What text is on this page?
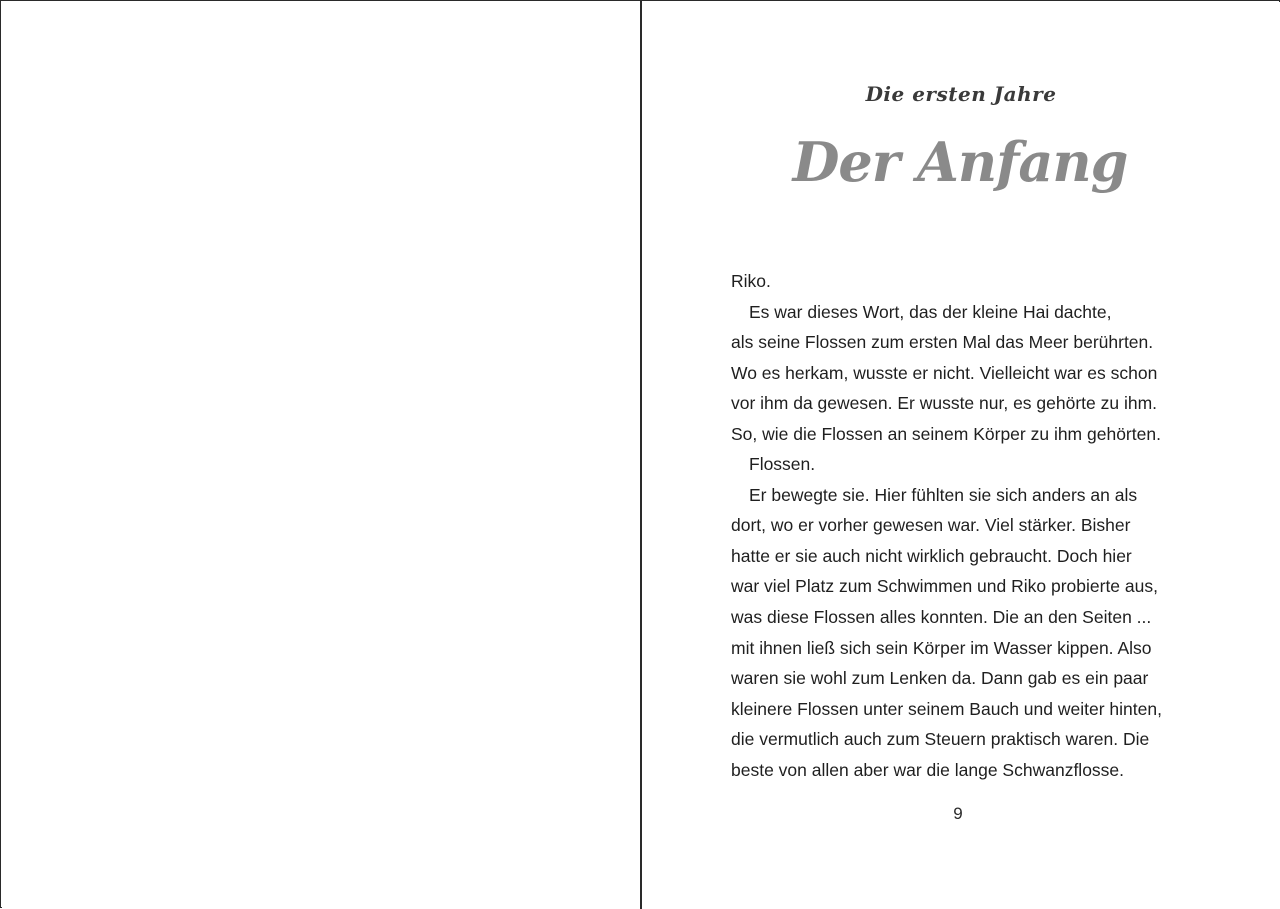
Die ersten Jahre
Der Anfang
Riko.
Es war dieses Wort, das der kleine Hai dachte,
als seine Flossen zum ersten Mal das Meer berührten.
Wo es herkam, wusste er nicht. Vielleicht war es schon
vor ihm da gewesen. Er wusste nur, es gehörte zu ihm.
So, wie die Flossen an seinem Körper zu ihm gehörten.
Flossen.
Er bewegte sie. Hier fühlten sie sich anders an als
dort, wo er vorher gewesen war. Viel stärker. Bisher
hatte er sie auch nicht wirklich gebraucht. Doch hier
war viel Platz zum Schwimmen und Riko probierte aus,
was diese Flossen alles konnten. Die an den Seiten ...
mit ihnen ließ sich sein Körper im Wasser kippen. Also
waren sie wohl zum Lenken da. Dann gab es ein paar
kleinere Flossen unter seinem Bauch und weiter hinten,
die vermutlich auch zum Steuern praktisch waren. Die
beste von allen aber war die lange Schwanzflosse.
9
